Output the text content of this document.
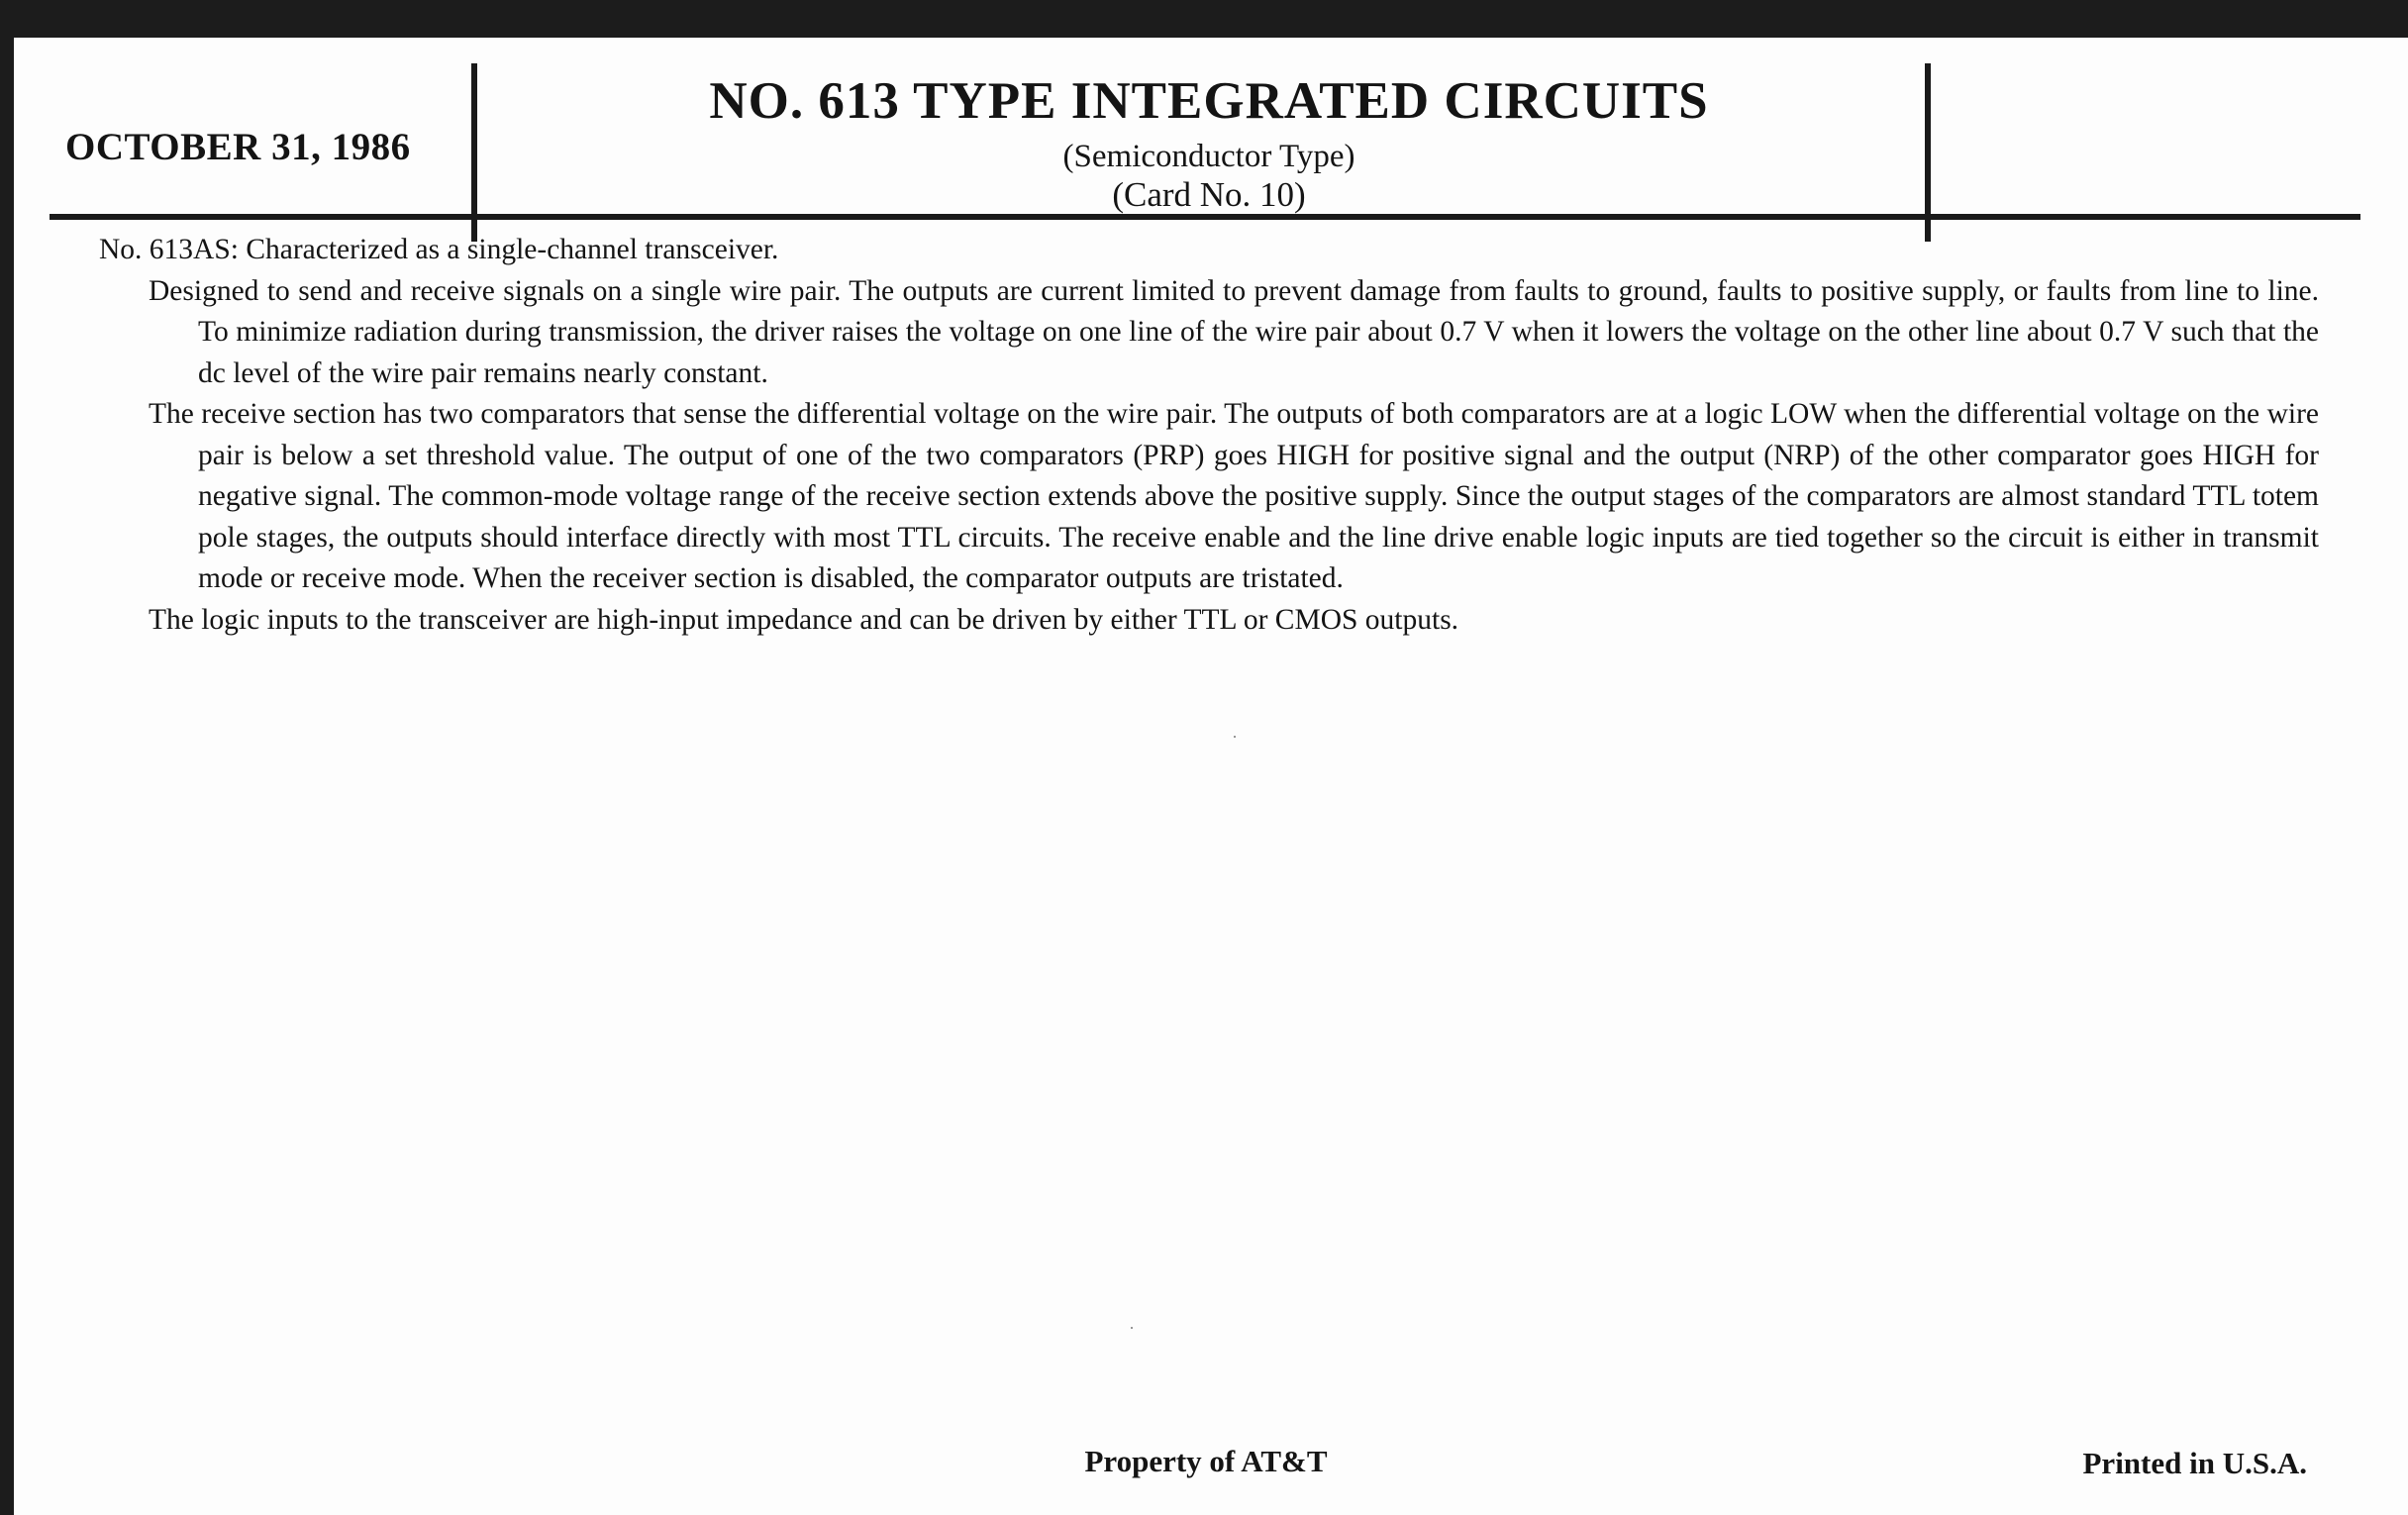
OCTOBER 31, 1986
NO. 613 TYPE INTEGRATED CIRCUITS
(Semiconductor Type)
(Card No. 10)

No. 613AS: Characterized as a single-channel transceiver.

Designed to send and receive signals on a single wire pair. The outputs are current limited to prevent damage from faults to ground, faults to positive supply, or faults from line to line. To minimize radiation during transmission, the driver raises the voltage on one line of the wire pair about 0.7 V when it lowers the voltage on the other line about 0.7 V such that the dc level of the wire pair remains nearly constant.

The receive section has two comparators that sense the differential voltage on the wire pair. The outputs of both comparators are at a logic LOW when the differential voltage on the wire pair is below a set threshold value. The output of one of the two comparators (PRP) goes HIGH for positive signal and the output (NRP) of the other comparator goes HIGH for negative signal. The common-mode voltage range of the receive section extends above the positive supply. Since the output stages of the comparators are almost standard TTL totem pole stages, the outputs should interface directly with most TTL circuits. The receive enable and the line drive enable logic inputs are tied together so the circuit is either in transmit mode or receive mode. When the receiver section is disabled, the comparator outputs are tristated.

The logic inputs to the transceiver are high-input impedance and can be driven by either TTL or CMOS outputs.

Property of AT&T	Printed in U.S.A.
